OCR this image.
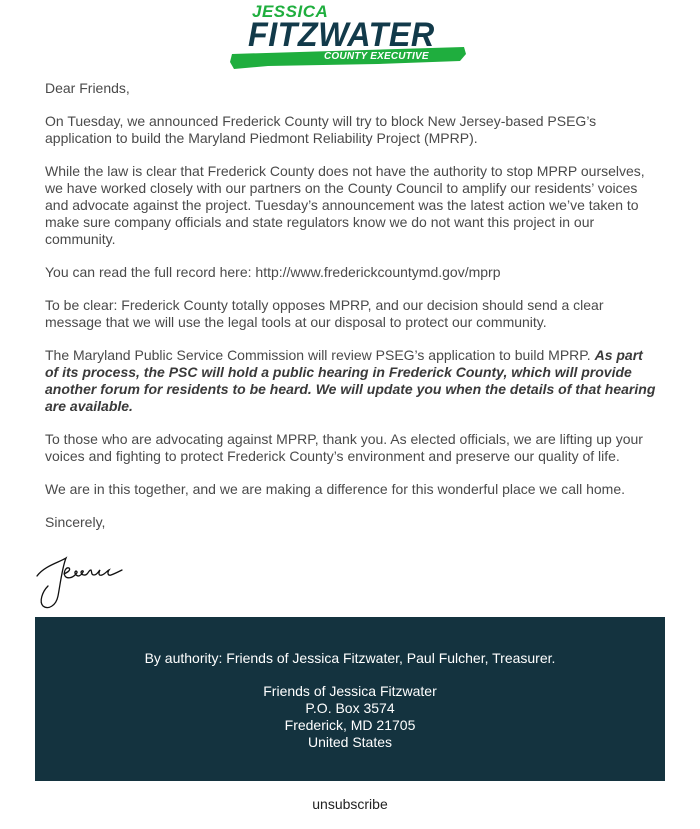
JESSICA
FITZWATER
COUNTY EXECUTIVE

Dear Friends,

On Tuesday, we announced Frederick County will try to block New Jersey-based PSEG’s application to build the Maryland Piedmont Reliability Project (MPRP).

While the law is clear that Frederick County does not have the authority to stop MPRP ourselves, we have worked closely with our partners on the County Council to amplify our residents’ voices and advocate against the project. Tuesday’s announcement was the latest action we’ve taken to make sure company officials and state regulators know we do not want this project in our community.

You can read the full record here: http://www.frederickcountymd.gov/mprp

To be clear: Frederick County totally opposes MPRP, and our decision should send a clear message that we will use the legal tools at our disposal to protect our community.

The Maryland Public Service Commission will review PSEG’s application to build MPRP. As part of its process, the PSC will hold a public hearing in Frederick County, which will provide another forum for residents to be heard. We will update you when the details of that hearing are available.

To those who are advocating against MPRP, thank you. As elected officials, we are lifting up your voices and fighting to protect Frederick County’s environment and preserve our quality of life.

We are in this together, and we are making a difference for this wonderful place we call home.

Sincerely,

By authority: Friends of Jessica Fitzwater, Paul Fulcher, Treasurer.
Friends of Jessica Fitzwater
P.O. Box 3574
Frederick, MD 21705
United States
unsubscribe
